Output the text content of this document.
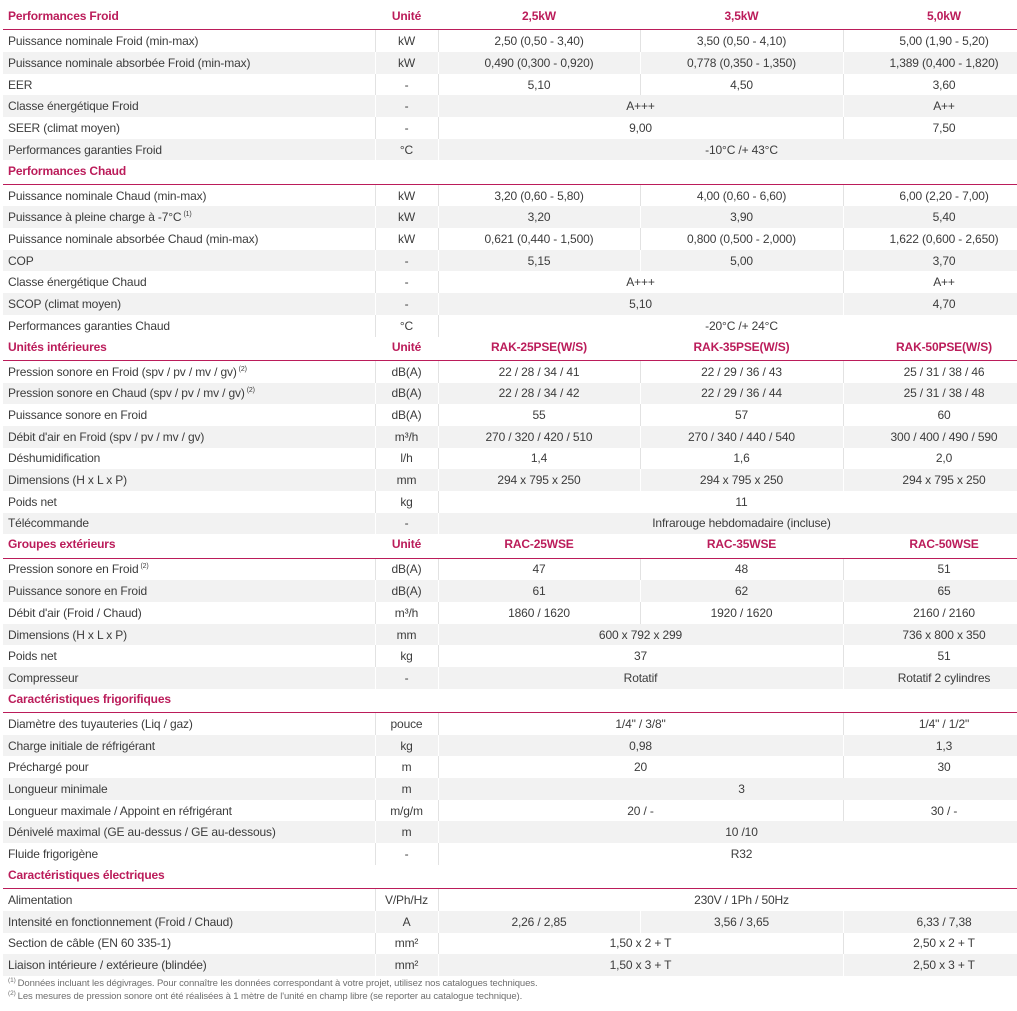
Performances Froid	Unité	2,5kW	3,5kW	5,0kW
Puissance nominale Froid (min-max)	kW	2,50 (0,50 - 3,40)	3,50 (0,50 - 4,10)	5,00 (1,90 - 5,20)
Puissance nominale absorbée Froid (min-max)	kW	0,490 (0,300 - 0,920)	0,778 (0,350 - 1,350)	1,389 (0,400 - 1,820)
EER	-	5,10	4,50	3,60
Classe énergétique Froid	-	A+++		A++
SEER (climat moyen)	-	9,00		7,50
Performances garanties Froid	°C	-10°C /+ 43°C		
Performances Chaud				
Puissance nominale Chaud (min-max)	kW	3,20 (0,60 - 5,80)	4,00 (0,60 - 6,60)	6,00 (2,20 - 7,00)
Puissance à pleine charge à -7°C $^{(1)}$	kW	3,20	3,90	5,40
Puissance nominale absorbée Chaud (min-max)	kW	0,621 (0,440 - 1,500)	0,800 (0,500 - 2,000)	1,622 (0,600 - 2,650)
COP	-	5,15	5,00	3,70
Classe énergétique Chaud	-	A+++		A++
SCOP (climat moyen)	-	5,10		4,70
Performances garanties Chaud	°C	-20°C /+ 24°C		
Unités intérieures	Unité	RAK-25PSE(W/S)	RAK-35PSE(W/S)	RAK-50PSE(W/S)
Pression sonore en Froid (spv / pv / mv / gv) $^{(2)}$	dB(A)	22 / 28 / 34 / 41	22 / 29 / 36 / 43	25 / 31 / 38 / 46
Pression sonore en Chaud (spv / pv / mv / gv) $^{(2)}$	dB(A)	22 / 28 / 34 / 42	22 / 29 / 36 / 44	25 / 31 / 38 / 48
Puissance sonore en Froid	dB(A)	55	57	60
Débit d'air en Froid (spv / pv / mv / gv)	m³/h	270 / 320 / 420 / 510	270 / 340 / 440 / 540	300 / 400 / 490 / 590
Déshumidification	l/h	1,4	1,6	2,0
Dimensions (H x L x P)	mm	294 x 795 x 250	294 x 795 x 250	294 x 795 x 250
Poids net	kg	11		
Télécommande	-	Infrarouge hebdomadaire (incluse)		
Groupes extérieurs	Unité	RAC-25WSE	RAC-35WSE	RAC-50WSE
Pression sonore en Froid $^{(2)}$	dB(A)	47	48	51
Puissance sonore en Froid	dB(A)	61	62	65
Débit d'air (Froid / Chaud)	m³/h	1860 / 1620	1920 / 1620	2160 / 2160
Dimensions (H x L x P)	mm	600 x 792 x 299		736 x 800 x 350
Poids net	kg	37		51
Compresseur	-	Rotatif		Rotatif 2 cylindres
Caractéristiques frigorifiques				
Diamètre des tuyauteries (Liq / gaz)	pouce	1/4" / 3/8"		1/4" / 1/2"
Charge initiale de réfrigérant	kg	0,98		1,3
Préchargé pour	m	20		30
Longueur minimale	m	3		
Longueur maximale / Appoint en réfrigérant	m/g/m	20 / -		30 / -
Dénivelé maximal (GE au-dessus / GE au-dessous)	m	10 /10		
Fluide frigorigène	-	R32		
Caractéristiques électriques				
Alimentation	V/Ph/Hz	230V / 1Ph / 50Hz		
Intensité en fonctionnement (Froid / Chaud)	A	2,26 / 2,85	3,56 / 3,65	6,33 / 7,38
Section de câble (EN 60 335-1)	mm²	1,50 x 2 + T		2,50 x 2 + T
Liaison intérieure / extérieure (blindée)	mm²	1,50 x 3 + T		2,50 x 3 + T
$^{(1)}$ Données incluant les dégivrages. Pour connaître les données correspondant à votre projet, utilisez nos catalogues techniques.
$^{(2)}$ Les mesures de pression sonore ont été réalisées à 1 mètre de l'unité en champ libre (se reporter au catalogue technique).
